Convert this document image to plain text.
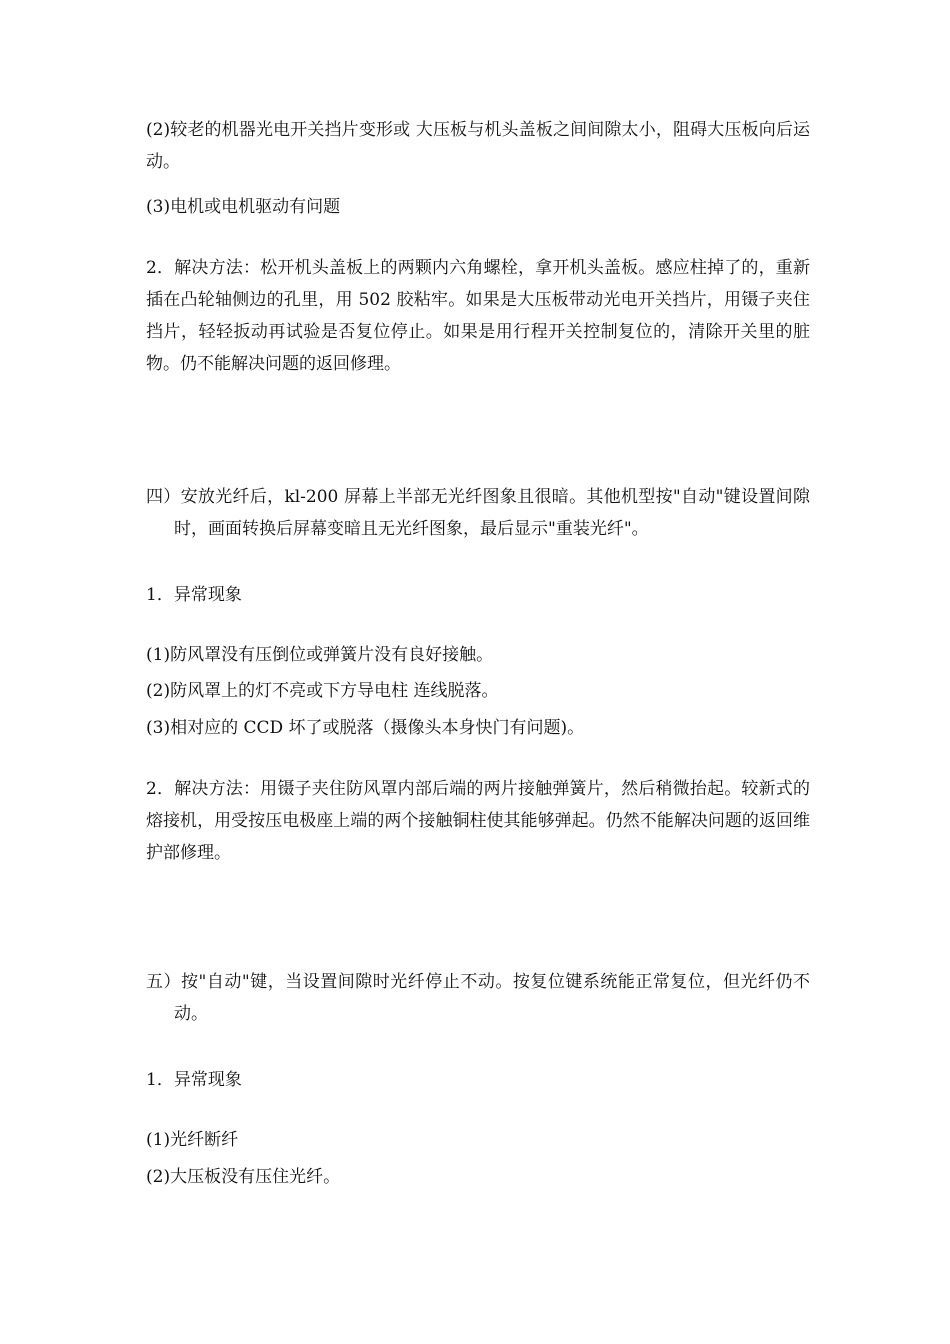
(2)较老的机器光电开关挡片变形或 大压板与机头盖板之间间隙太小，阻碍大压板向后运动。

(3)电机或电机驱动有问题

2．解决方法：松开机头盖板上的两颗内六角螺栓，拿开机头盖板。感应柱掉了的，重新插在凸轮轴侧边的孔里，用 502 胶粘牢。如果是大压板带动光电开关挡片，用镊子夹住挡片，轻轻扳动再试验是否复位停止。如果是用行程开关控制复位的，清除开关里的脏物。仍不能解决问题的返回修理。

四）安放光纤后，kl-200 屏幕上半部无光纤图象且很暗。其他机型按"自动"键设置间隙时，画面转换后屏幕变暗且无光纤图象，最后显示"重装光纤"。

1．异常现象

(1)防风罩没有压倒位或弹簧片没有良好接触。

(2)防风罩上的灯不亮或下方导电柱 连线脱落。

(3)相对应的 CCD 坏了或脱落（摄像头本身快门有问题)。

2．解决方法：用镊子夹住防风罩内部后端的两片接触弹簧片，然后稍微抬起。较新式的熔接机，用受按压电极座上端的两个接触铜柱使其能够弹起。仍然不能解决问题的返回维护部修理。

五）按"自动"键，当设置间隙时光纤停止不动。按复位键系统能正常复位，但光纤仍不动。

1．异常现象

(1)光纤断纤

(2)大压板没有压住光纤。
